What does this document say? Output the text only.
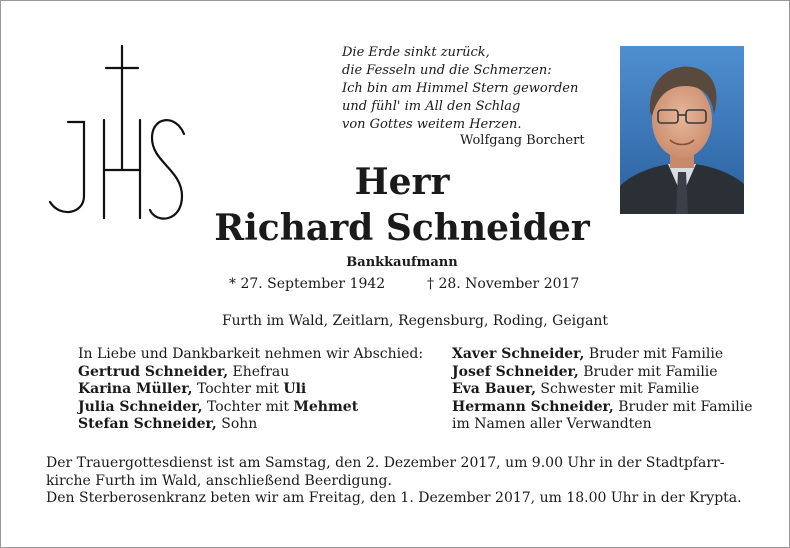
Die Erde sinkt zurück,
die Fesseln und die Schmerzen:
Ich bin am Himmel Stern geworden
und fühl' im All den Schlag
von Gottes weitem Herzen.
Wolfgang Borchert
Herr
Richard Schneider
Bankkaufmann
* 27. September 1942	† 28. November 2017
Furth im Wald, Zeitlarn, Regensburg, Roding, Geigant
In Liebe und Dankbarkeit nehmen wir Abschied:
Gertrud Schneider, Ehefrau
Karina Müller, Tochter mit Uli
Julia Schneider, Tochter mit Mehmet
Stefan Schneider, Sohn
Xaver Schneider, Bruder mit Familie
Josef Schneider, Bruder mit Familie
Eva Bauer, Schwester mit Familie
Hermann Schneider, Bruder mit Familie
im Namen aller Verwandten
Der Trauergottesdienst ist am Samstag, den 2. Dezember 2017, um 9.00 Uhr in der Stadtpfarr-
kirche Furth im Wald, anschließend Beerdigung.
Den Sterberosenkranz beten wir am Freitag, den 1. Dezember 2017, um 18.00 Uhr in der Krypta.
